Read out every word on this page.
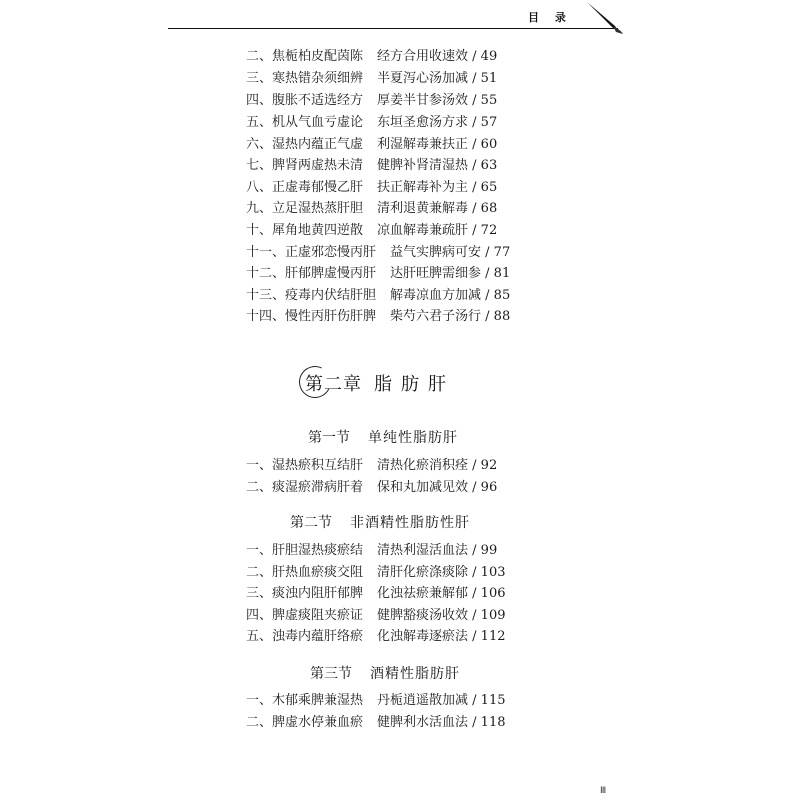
目 录
二、焦栀柏皮配茵陈 经方合用收速效 / 49
三、寒热错杂须细辨 半夏泻心汤加减 / 51
四、腹胀不适选经方 厚姜半甘参汤效 / 55
五、机从气血亏虚论 东垣圣愈汤方求 / 57
六、湿热内蕴正气虚 利湿解毒兼扶正 / 60
七、脾肾两虚热未清 健脾补肾清湿热 / 63
八、正虚毒郁慢乙肝 扶正解毒补为主 / 65
九、立足湿热蒸肝胆 清利退黄兼解毒 / 68
十、犀角地黄四逆散 凉血解毒兼疏肝 / 72
十一、正虚邪恋慢丙肝 益气实脾病可安 / 77
十二、肝郁脾虚慢丙肝 达肝旺脾需细参 / 81
十三、疫毒内伏结肝胆 解毒凉血方加减 / 85
十四、慢性丙肝伤肝脾 柴芍六君子汤行 / 88
第二章 脂肪肝
第一节 单纯性脂肪肝
一、湿热瘀积互结肝 清热化瘀消积痊 / 92
二、痰湿瘀滞病肝着 保和丸加减见效 / 96
第二节 非酒精性脂肪性肝
一、肝胆湿热痰瘀结 清热利湿活血法 / 99
二、肝热血瘀痰交阻 清肝化瘀涤痰除 / 103
三、痰浊内阻肝郁脾 化浊祛瘀兼解郁 / 106
四、脾虚痰阻夹瘀证 健脾豁痰汤收效 / 109
五、浊毒内蕴肝络瘀 化浊解毒逐瘀法 / 112
第三节 酒精性脂肪肝
一、木郁乘脾兼湿热 丹栀逍遥散加减 / 115
二、脾虚水停兼血瘀 健脾利水活血法 / 118
Ⅲ
